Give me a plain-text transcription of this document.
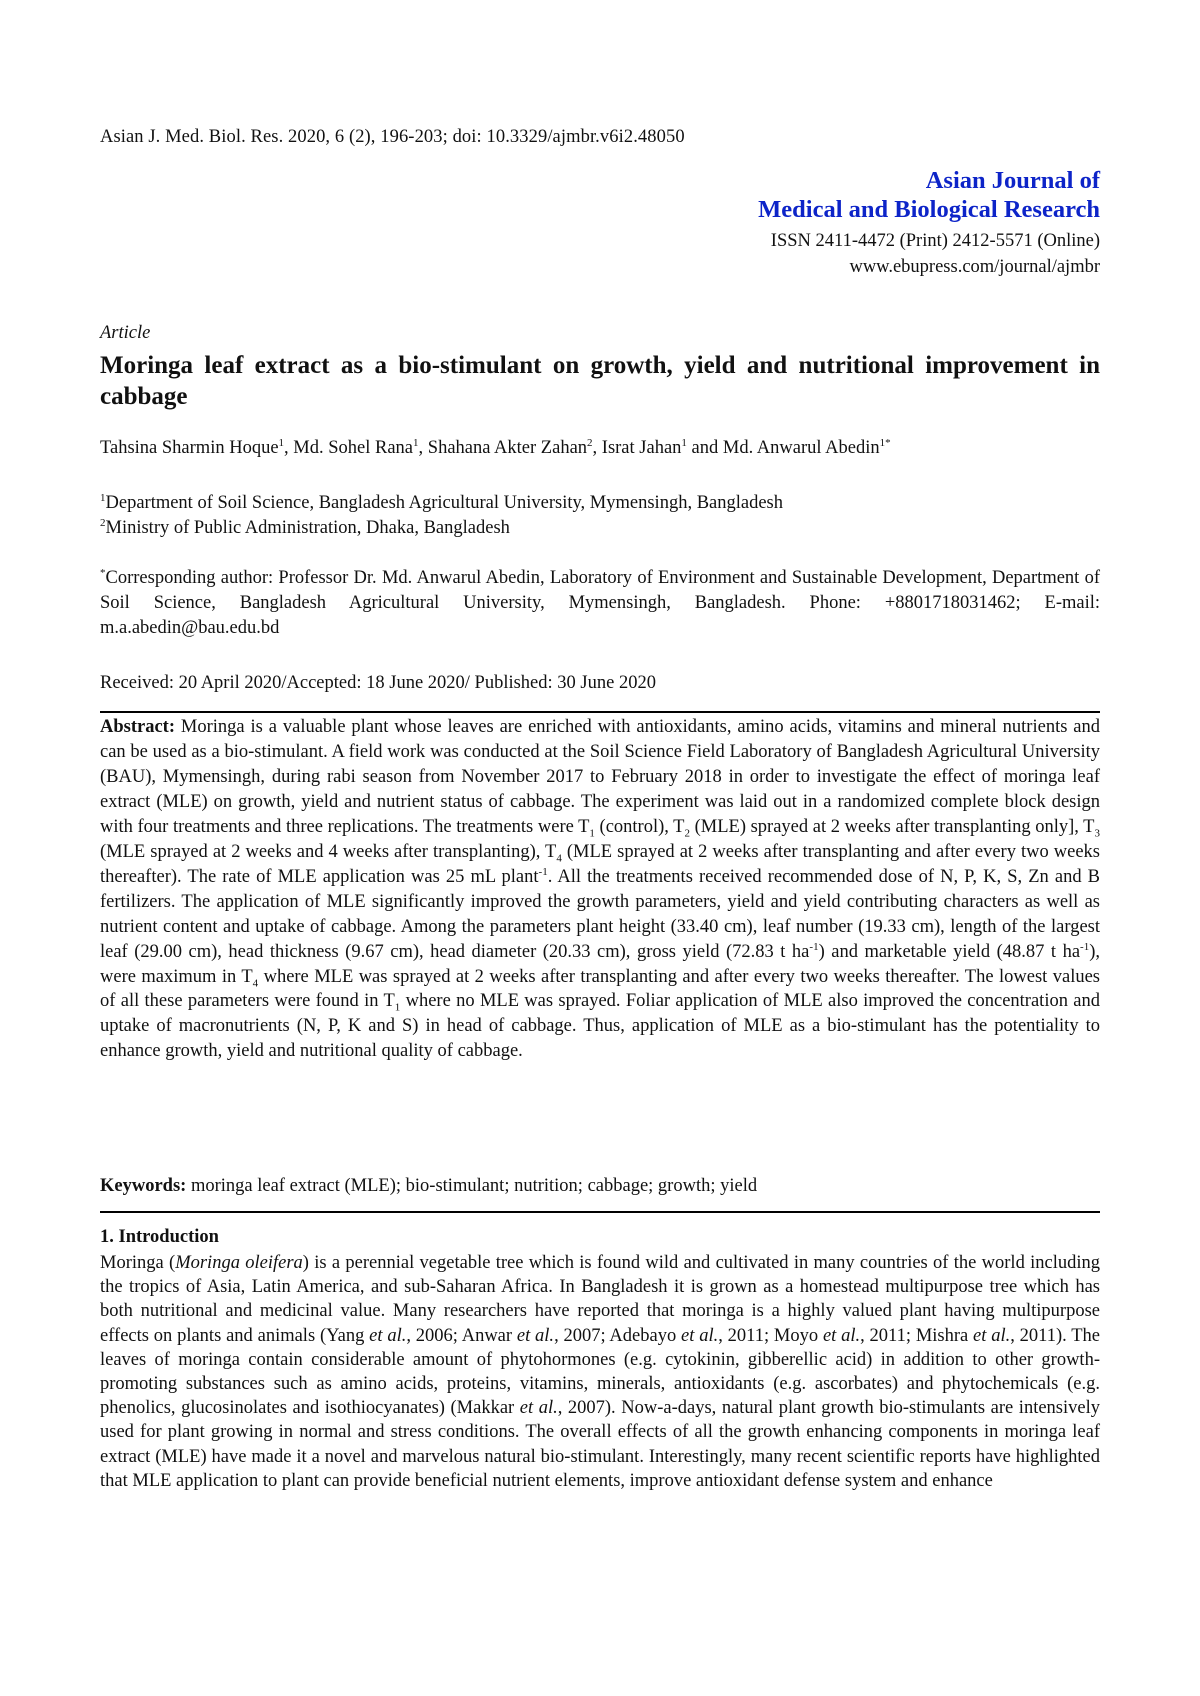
Asian J. Med. Biol. Res. 2020, 6 (2), 196-203; doi: 10.3329/ajmbr.v6i2.48050
Asian Journal of
Medical and Biological Research
ISSN 2411-4472 (Print) 2412-5571 (Online)
www.ebupress.com/journal/ajmbr
Article
Moringa leaf extract as a bio-stimulant on growth, yield and nutritional improvement in cabbage
Tahsina Sharmin Hoque$^1$, Md. Sohel Rana$^1$, Shahana Akter Zahan$^2$, Israt Jahan$^1$ and Md. Anwarul Abedin$^{1*}$
$^1$Department of Soil Science, Bangladesh Agricultural University, Mymensingh, Bangladesh
$^2$Ministry of Public Administration, Dhaka, Bangladesh
*Corresponding author: Professor Dr. Md. Anwarul Abedin, Laboratory of Environment and Sustainable Development, Department of Soil Science, Bangladesh Agricultural University, Mymensingh, Bangladesh. Phone: +8801718031462; E-mail: m.a.abedin@bau.edu.bd
Received: 20 April 2020/Accepted: 18 June 2020/ Published: 30 June 2020
Abstract: Moringa is a valuable plant whose leaves are enriched with antioxidants, amino acids, vitamins and mineral nutrients and can be used as a bio-stimulant. A field work was conducted at the Soil Science Field Laboratory of Bangladesh Agricultural University (BAU), Mymensingh, during rabi season from November 2017 to February 2018 in order to investigate the effect of moringa leaf extract (MLE) on growth, yield and nutrient status of cabbage. The experiment was laid out in a randomized complete block design with four treatments and three replications. The treatments were $T_1$ (control), $T_2$ (MLE) sprayed at 2 weeks after transplanting only], $T_3$ (MLE sprayed at 2 weeks and 4 weeks after transplanting), $T_4$ (MLE sprayed at 2 weeks after transplanting and after every two weeks thereafter). The rate of MLE application was 25 mL plant$^{-1}$. All the treatments received recommended dose of N, P, K, S, Zn and B fertilizers. The application of MLE significantly improved the growth parameters, yield and yield contributing characters as well as nutrient content and uptake of cabbage. Among the parameters plant height (33.40 cm), leaf number (19.33 cm), length of the largest leaf (29.00 cm), head thickness (9.67 cm), head diameter (20.33 cm), gross yield (72.83 t $ha^{-1}$) and marketable yield (48.87 t $ha^{-1}$), were maximum in $T_4$ where MLE was sprayed at 2 weeks after transplanting and after every two weeks thereafter. The lowest values of all these parameters were found in $T_1$ where no MLE was sprayed. Foliar application of MLE also improved the concentration and uptake of macronutrients (N, P, K and S) in head of cabbage. Thus, application of MLE as a bio-stimulant has the potentiality to enhance growth, yield and nutritional quality of cabbage.
Keywords: moringa leaf extract (MLE); bio-stimulant; nutrition; cabbage; growth; yield
1. Introduction
Moringa (Moringa oleifera) is a perennial vegetable tree which is found wild and cultivated in many countries of the world including the tropics of Asia, Latin America, and sub-Saharan Africa. In Bangladesh it is grown as a homestead multipurpose tree which has both nutritional and medicinal value. Many researchers have reported that moringa is a highly valued plant having multipurpose effects on plants and animals (Yang et al., 2006; Anwar et al., 2007; Adebayo et al., 2011; Moyo et al., 2011; Mishra et al., 2011). The leaves of moringa contain considerable amount of phytohormones (e.g. cytokinin, gibberellic acid) in addition to other growth-promoting substances such as amino acids, proteins, vitamins, minerals, antioxidants (e.g. ascorbates) and phytochemicals (e.g. phenolics, glucosinolates and isothiocyanates) (Makkar et al., 2007). Now-a-days, natural plant growth bio-stimulants are intensively used for plant growing in normal and stress conditions. The overall effects of all the growth enhancing components in moringa leaf extract (MLE) have made it a novel and marvelous natural bio-stimulant. Interestingly, many recent scientific reports have highlighted that MLE application to plant can provide beneficial nutrient elements, improve antioxidant defense system and enhance
